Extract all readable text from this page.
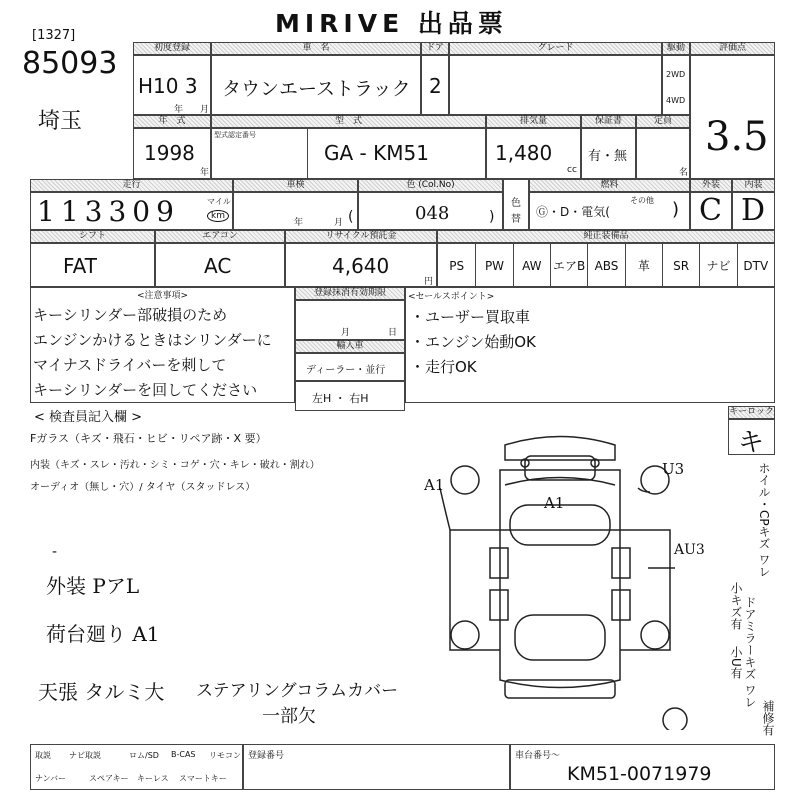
MIRIVE 出品票
[1327]
85093
埼玉
初度登録
H10 3
年 月
車　名
タウンエーストラック
ドア
2
グレード	駆動
2WD
4WD
評価点
3.5
年　式
1998
年
型　式
型式認定番号
GA - KM51
排気量
1,480
cc
保証書
有・無
定員
名
走行
113309	マイル
km
車検
年	月 (
色 (Col.No)
048	)
色
替
燃料
Ⓖ・D・電気(
その他 )
外装	内装
C D
シフト
FAT
エアコン
AC
リサイクル預託金
4,640
円
純正装備品
PS	PW	AW エアB ABS	革	SR	ナビ	DTV
<注意事項>
キーシリンダー部破損のため
エンジンかけるときはシリンダーに
マイナスドライバーを刺して
キーシリンダーを回してください
登録抹消有効期限
月	日
輸入車
ディーラー・並行
左H ・ 右H
<セールスポイント>
・ユーザー買取車
・エンジン始動OK
・走行OK
< 検査員記入欄 >
Fガラス（キズ・飛石・ヒビ・リペア跡・X 要）
内装（キズ・スレ・汚れ・シミ・コゲ・穴・キレ・破れ・割れ）
オーディオ（無し・穴）/ タイヤ（スタッドレス）
-
外装 PアL
荷台廻り A1
天張 タルミ大 ステアリングコラムカバー
一部欠
A1
A1
U3
AU3
キーロック
キ
ホイル・CPキズ ワレ
ドアミラーキズ ワレ
小キズ有
小U有
補修有
取説 ナビ取説	ロム/SD B-CAS リモコン
ナンバー	スペアキー キーレス スマートキー
登録番号	車台番号〜
KM51-0071979
